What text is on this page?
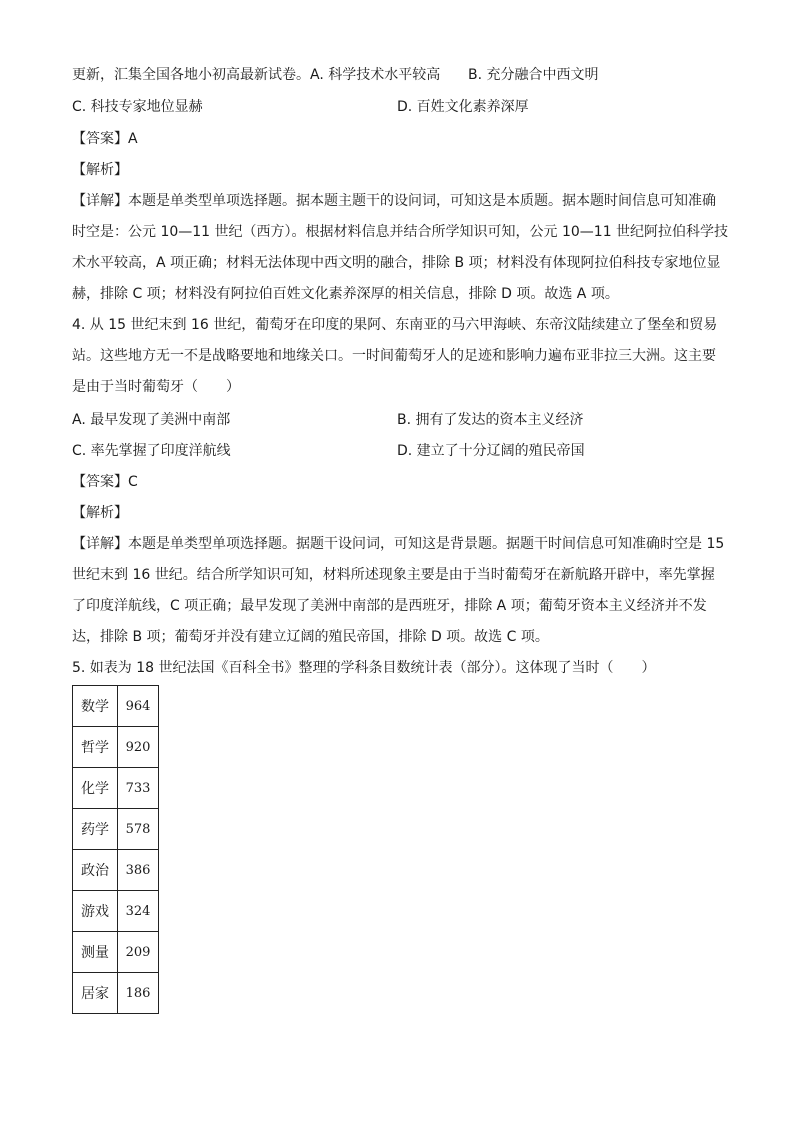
更新，汇集全国各地小初高最新试卷。A. 科学技术水平较高 B. 充分融合中西文明
C. 科技专家地位显赫	D. 百姓文化素养深厚
【答案】A
【解析】
【详解】本题是单类型单项选择题。据本题主题干的设问词，可知这是本质题。据本题时间信息可知准确
时空是：公元 10—11 世纪（西方）。根据材料信息并结合所学知识可知，公元 10—11 世纪阿拉伯科学技
术水平较高，A 项正确；材料无法体现中西文明的融合，排除 B 项；材料没有体现阿拉伯科技专家地位显
赫，排除 C 项；材料没有阿拉伯百姓文化素养深厚的相关信息，排除 D 项。故选 A 项。
4. 从 15 世纪末到 16 世纪，葡萄牙在印度的果阿、东南亚的马六甲海峡、东帝汶陆续建立了堡垒和贸易
站。这些地方无一不是战略要地和地缘关口。一时间葡萄牙人的足迹和影响力遍布亚非拉三大洲。这主要
是由于当时葡萄牙（　　）
A. 最早发现了美洲中南部	B. 拥有了发达的资本主义经济
C. 率先掌握了印度洋航线	D. 建立了十分辽阔的殖民帝国
【答案】C
【解析】
【详解】本题是单类型单项选择题。据题干设问词，可知这是背景题。据题干时间信息可知准确时空是 15
世纪末到 16 世纪。结合所学知识可知，材料所述现象主要是由于当时葡萄牙在新航路开辟中，率先掌握
了印度洋航线，C 项正确；最早发现了美洲中南部的是西班牙，排除 A 项；葡萄牙资本主义经济并不发
达，排除 B 项；葡萄牙并没有建立辽阔的殖民帝国，排除 D 项。故选 C 项。
5. 如表为 18 世纪法国《百科全书》整理的学科条目数统计表（部分）。这体现了当时（　　）
数学	964
哲学	920
化学	733
药学	578
政治	386
游戏	324
测量	209
居家	186
